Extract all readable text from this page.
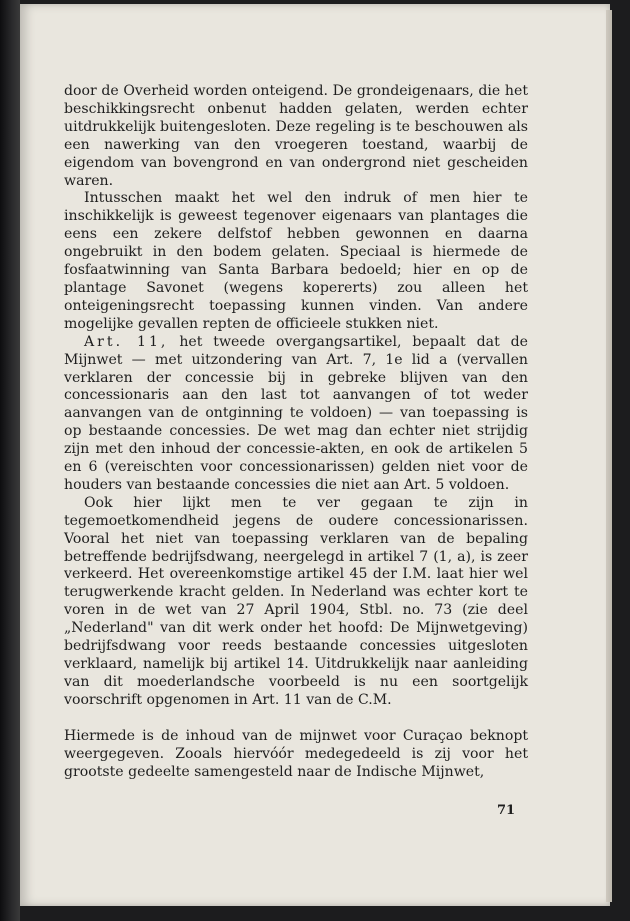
door de Overheid worden onteigend. De grondeigenaars, die het beschikkingsrecht onbenut hadden gelaten, werden echter uitdrukkelijk buitengesloten. Deze regeling is te beschouwen als een nawerking van den vroegeren toestand, waarbij de eigendom van bovengrond en van ondergrond niet gescheiden waren.

Intusschen maakt het wel den indruk of men hier te inschikkelijk is geweest tegenover eigenaars van plantages die eens een zekere delfstof hebben gewonnen en daarna ongebruikt in den bodem gelaten. Speciaal is hiermede de fosfaatwinning van Santa Barbara bedoeld; hier en op de plantage Savonet (wegens kopererts) zou alleen het onteigeningsrecht toepassing kunnen vinden. Van andere mogelijke gevallen repten de officieele stukken niet.

Art. 11, het tweede overgangsartikel, bepaalt dat de Mijnwet — met uitzondering van Art. 7, 1e lid a (vervallen verklaren der concessie bij in gebreke blijven van den concessionaris aan den last tot aanvangen of tot weder aanvangen van de ontginning te voldoen) — van toepassing is op bestaande concessies. De wet mag dan echter niet strijdig zijn met den inhoud der concessie-akten, en ook de artikelen 5 en 6 (vereischten voor concessionarissen) gelden niet voor de houders van bestaande concessies die niet aan Art. 5 voldoen.

Ook hier lijkt men te ver gegaan te zijn in tegemoetkomendheid jegens de oudere concessionarissen. Vooral het niet van toepassing verklaren van de bepaling betreffende bedrijfsdwang, neergelegd in artikel 7 (1, a), is zeer verkeerd. Het overeenkomstige artikel 45 der I.M. laat hier wel terugwerkende kracht gelden. In Nederland was echter kort te voren in de wet van 27 April 1904, Stbl. no. 73 (zie deel „Nederland" van dit werk onder het hoofd: De Mijnwetgeving) bedrijfsdwang voor reeds bestaande concessies uitgesloten verklaard, namelijk bij artikel 14. Uitdrukkelijk naar aanleiding van dit moederlandsche voorbeeld is nu een soortgelijk voorschrift opgenomen in Art. 11 van de C.M.

Hiermede is de inhoud van de mijnwet voor Curaçao beknopt weergegeven. Zooals hiervóór medegedeeld is zij voor het grootste gedeelte samengesteld naar de Indische Mijnwet,

71
